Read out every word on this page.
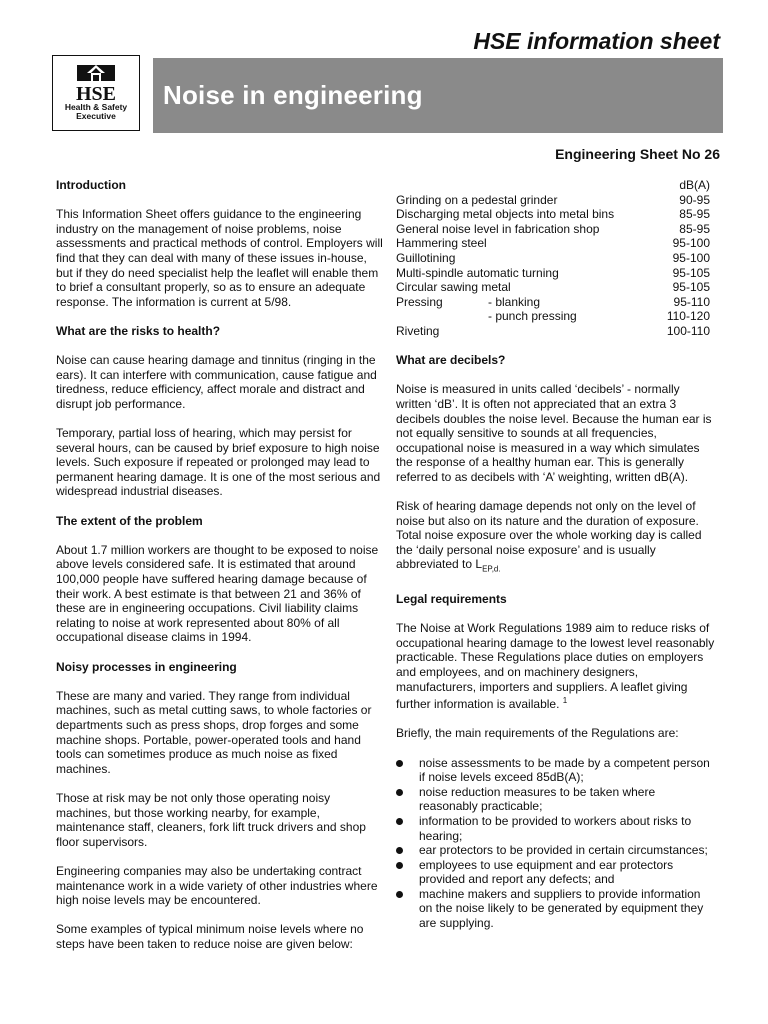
HSE information sheet
HSE
Health & Safety
Executive
Noise in engineering
Engineering Sheet No 26
Introduction

This Information Sheet offers guidance to the engineering industry on the management of noise problems, noise assessments and practical methods of control. Employers will find that they can deal with many of these issues in-house, but if they do need specialist help the leaflet will enable them to brief a consultant properly, so as to ensure an adequate response. The information is current at 5/98.

What are the risks to health?

Noise can cause hearing damage and tinnitus (ringing in the ears). It can interfere with communication, cause fatigue and tiredness, reduce efficiency, affect morale and distract and disrupt job performance.

Temporary, partial loss of hearing, which may persist for several hours, can be caused by brief exposure to high noise levels. Such exposure if repeated or prolonged may lead to permanent hearing damage. It is one of the most serious and widespread industrial diseases.

The extent of the problem

About 1.7 million workers are thought to be exposed to noise above levels considered safe. It is estimated that around 100,000 people have suffered hearing damage because of their work. A best estimate is that between 21 and 36% of these are in engineering occupations. Civil liability claims relating to noise at work represented about 80% of all occupational disease claims in 1994.

Noisy processes in engineering

These are many and varied. They range from individual machines, such as metal cutting saws, to whole factories or departments such as press shops, drop forges and some machine shops. Portable, power-operated tools and hand tools can sometimes produce as much noise as fixed machines.

Those at risk may be not only those operating noisy machines, but those working nearby, for example, maintenance staff, cleaners, fork lift truck drivers and shop floor supervisors.

Engineering companies may also be undertaking contract maintenance work in a wide variety of other industries where high noise levels may be encountered.

Some examples of typical minimum noise levels where no steps have been taken to reduce noise are given below:

	dB(A)
Grinding on a pedestal grinder	90-95
Discharging metal objects into metal bins	85-95
General noise level in fabrication shop	85-95
Hammering steel	95-100
Guillotining	95-100
Multi-spindle automatic turning	95-105
Circular sawing metal	95-105
Pressing - blanking	95-110
- punch pressing	110-120
Riveting	100-110
What are decibels?

Noise is measured in units called ‘decibels’ - normally written ‘dB’. It is often not appreciated that an extra 3 decibels doubles the noise level. Because the human ear is not equally sensitive to sounds at all frequencies, occupational noise is measured in a way which simulates the response of a healthy human ear. This is generally referred to as decibels with ‘A’ weighting, written dB(A).

Risk of hearing damage depends not only on the level of noise but also on its nature and the duration of exposure. Total noise exposure over the whole working day is called the ‘daily personal noise exposure’ and is usually abbreviated to $L_{EP,d.}$

Legal requirements

The Noise at Work Regulations 1989 aim to reduce risks of occupational hearing damage to the lowest level reasonably practicable. These Regulations place duties on employers and employees, and on machinery designers, manufacturers, importers and suppliers. A leaflet giving further information is available. $^1$

Briefly, the main requirements of the Regulations are:

noise assessments to be made by a competent person if noise levels exceed 85dB(A);
noise reduction measures to be taken where reasonably practicable;
information to be provided to workers about risks to hearing;
ear protectors to be provided in certain circumstances;
employees to use equipment and ear protectors provided and report any defects; and
machine makers and suppliers to provide information on the noise likely to be generated by equipment they are supplying.
